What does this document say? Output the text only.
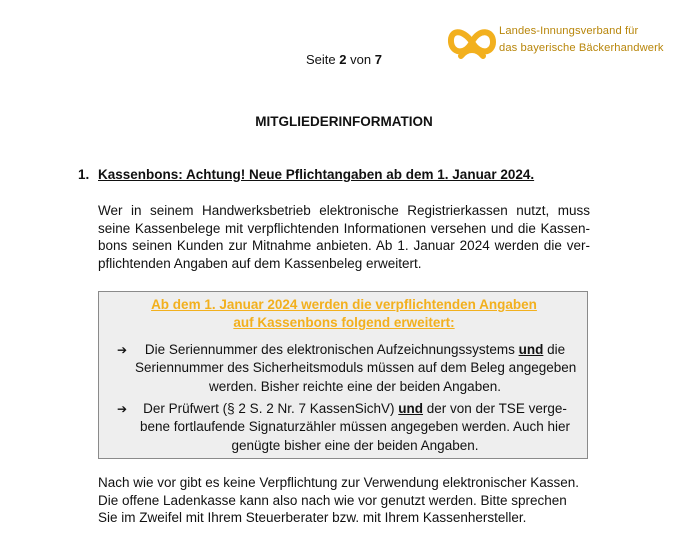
Landes-Innungsverband für
das bayerische Bäckerhandwerk
Seite 2 von 7
MITGLIEDERINFORMATION
1. Kassenbons: Achtung! Neue Pflichtangaben ab dem 1. Januar 2024.
Wer in seinem Handwerksbetrieb elektronische Registrierkassen nutzt, muss
seine Kassenbelege mit verpflichtenden Informationen versehen und die Kassen-
bons seinen Kunden zur Mitnahme anbieten. Ab 1. Januar 2024 werden die ver-
pflichtenden Angaben auf dem Kassenbeleg erweitert.
Ab dem 1. Januar 2024 werden die verpflichtenden Angaben
auf Kassenbons folgend erweitert:
➔	Die Seriennummer des elektronischen Aufzeichnungssystems und die
Seriennummer des Sicherheitsmoduls müssen auf dem Beleg angegeben
werden. Bisher reichte eine der beiden Angaben.
➔	Der Prüfwert (§ 2 S. 2 Nr. 7 KassenSichV) und der von der TSE verge-
bene fortlaufende Signaturzähler müssen angegeben werden. Auch hier
genügte bisher eine der beiden Angaben.
Nach wie vor gibt es keine Verpflichtung zur Verwendung elektronischer Kassen.
Die offene Ladenkasse kann also nach wie vor genutzt werden. Bitte sprechen
Sie im Zweifel mit Ihrem Steuerberater bzw. mit Ihrem Kassenhersteller.
